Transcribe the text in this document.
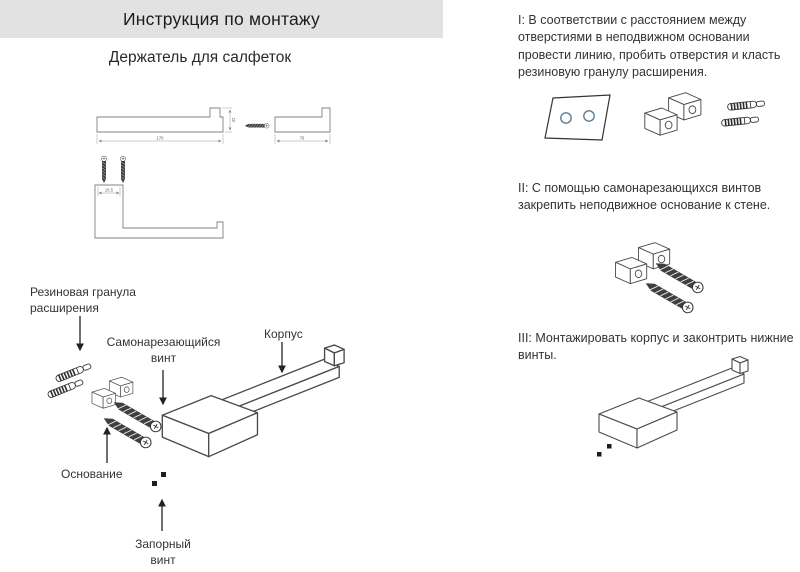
Инструкция по монтажу
Держатель для салфеток
170
32
78
18.5
Резиновая гранула
расширения
Самонарезающийся
винт
Корпус
Основание
Запорный
винт
I: В соответствии с расстоянием между отверстиями в неподвижном основании провести линию, пробить отверстия и класть резиновую гранулу расширения.
II: С помощью самонарезающихся винтов закрепить неподвижное основание к стене.
III: Монтажировать корпус и законтрить нижние винты.
